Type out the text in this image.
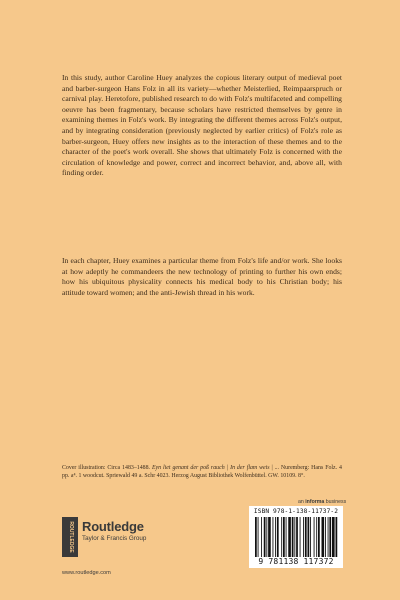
In this study, author Caroline Huey analyzes the copious literary output of medieval poet and barber-surgeon Hans Folz in all its variety—whether Meisterlied, Reimpaarspruch or carnival play. Heretofore, published research to do with Folz's multifaceted and compelling oeuvre has been fragmentary, because scholars have restricted themselves by genre in examining themes in Folz's work. By integrating the different themes across Folz's output, and by integrating consideration (previously neglected by earlier critics) of Folz's role as barber-surgeon, Huey offers new insights as to the interaction of these themes and to the character of the poet's work overall. She shows that ultimately Folz is concerned with the circulation of knowledge and power, correct and incorrect behavior, and, above all, with finding order.

In each chapter, Huey examines a particular theme from Folz's life and/or work. She looks at how adeptly he commandeers the new technology of printing to further his own ends; how his ubiquitous physicality connects his medical body to his Christian body; his attitude toward women; and the anti-Jewish thread in his work.

Cover illustration: Circa 1483–1488. Eyn liet genant der poß rauch | In der flam weis | ... Nuremberg: Hans Folz. 4 pp. a⁴. 1 woodcut. Spriewald 49 a. Schr 4023. Herzog August Bibliothek Wolfenbüttel. GW. 10109. 8°.

an informa business
ISBN 978-1-138-11737-2
9 781138 117372
ROUTLEDGE Routledge
Taylor & Francis Group
www.routledge.com
